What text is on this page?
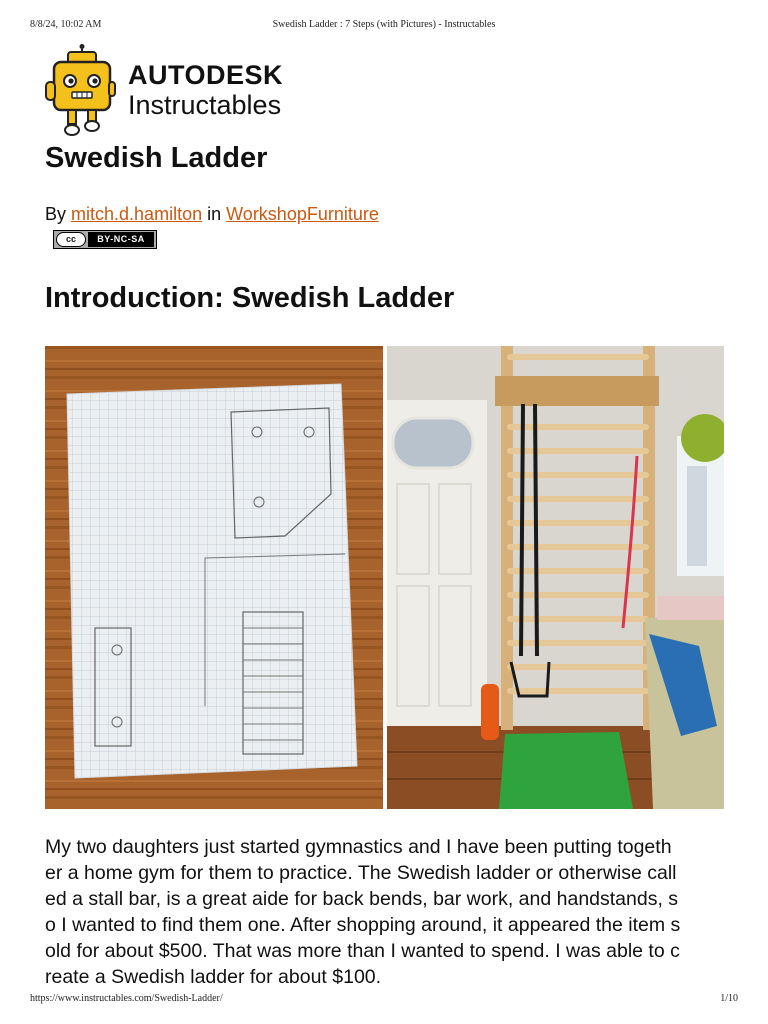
8/8/24, 10:02 AM	Swedish Ladder : 7 Steps (with Pictures) - Instructables
AUTODESK
Instructables
Swedish Ladder
By mitch.d.hamilton in WorkshopFurniture
cc	BY-NC-SA
Introduction: Swedish Ladder

My two daughters just started gymnastics and I have been putting togeth
er a home gym for them to practice. The Swedish ladder or otherwise call
ed a stall bar, is a great aide for back bends, bar work, and handstands, s
o I wanted to find them one. After shopping around, it appeared the item s
old for about $500. That was more than I wanted to spend. I was able to c
reate a Swedish ladder for about $100.

https://www.instructables.com/Swedish-Ladder/	1/10
